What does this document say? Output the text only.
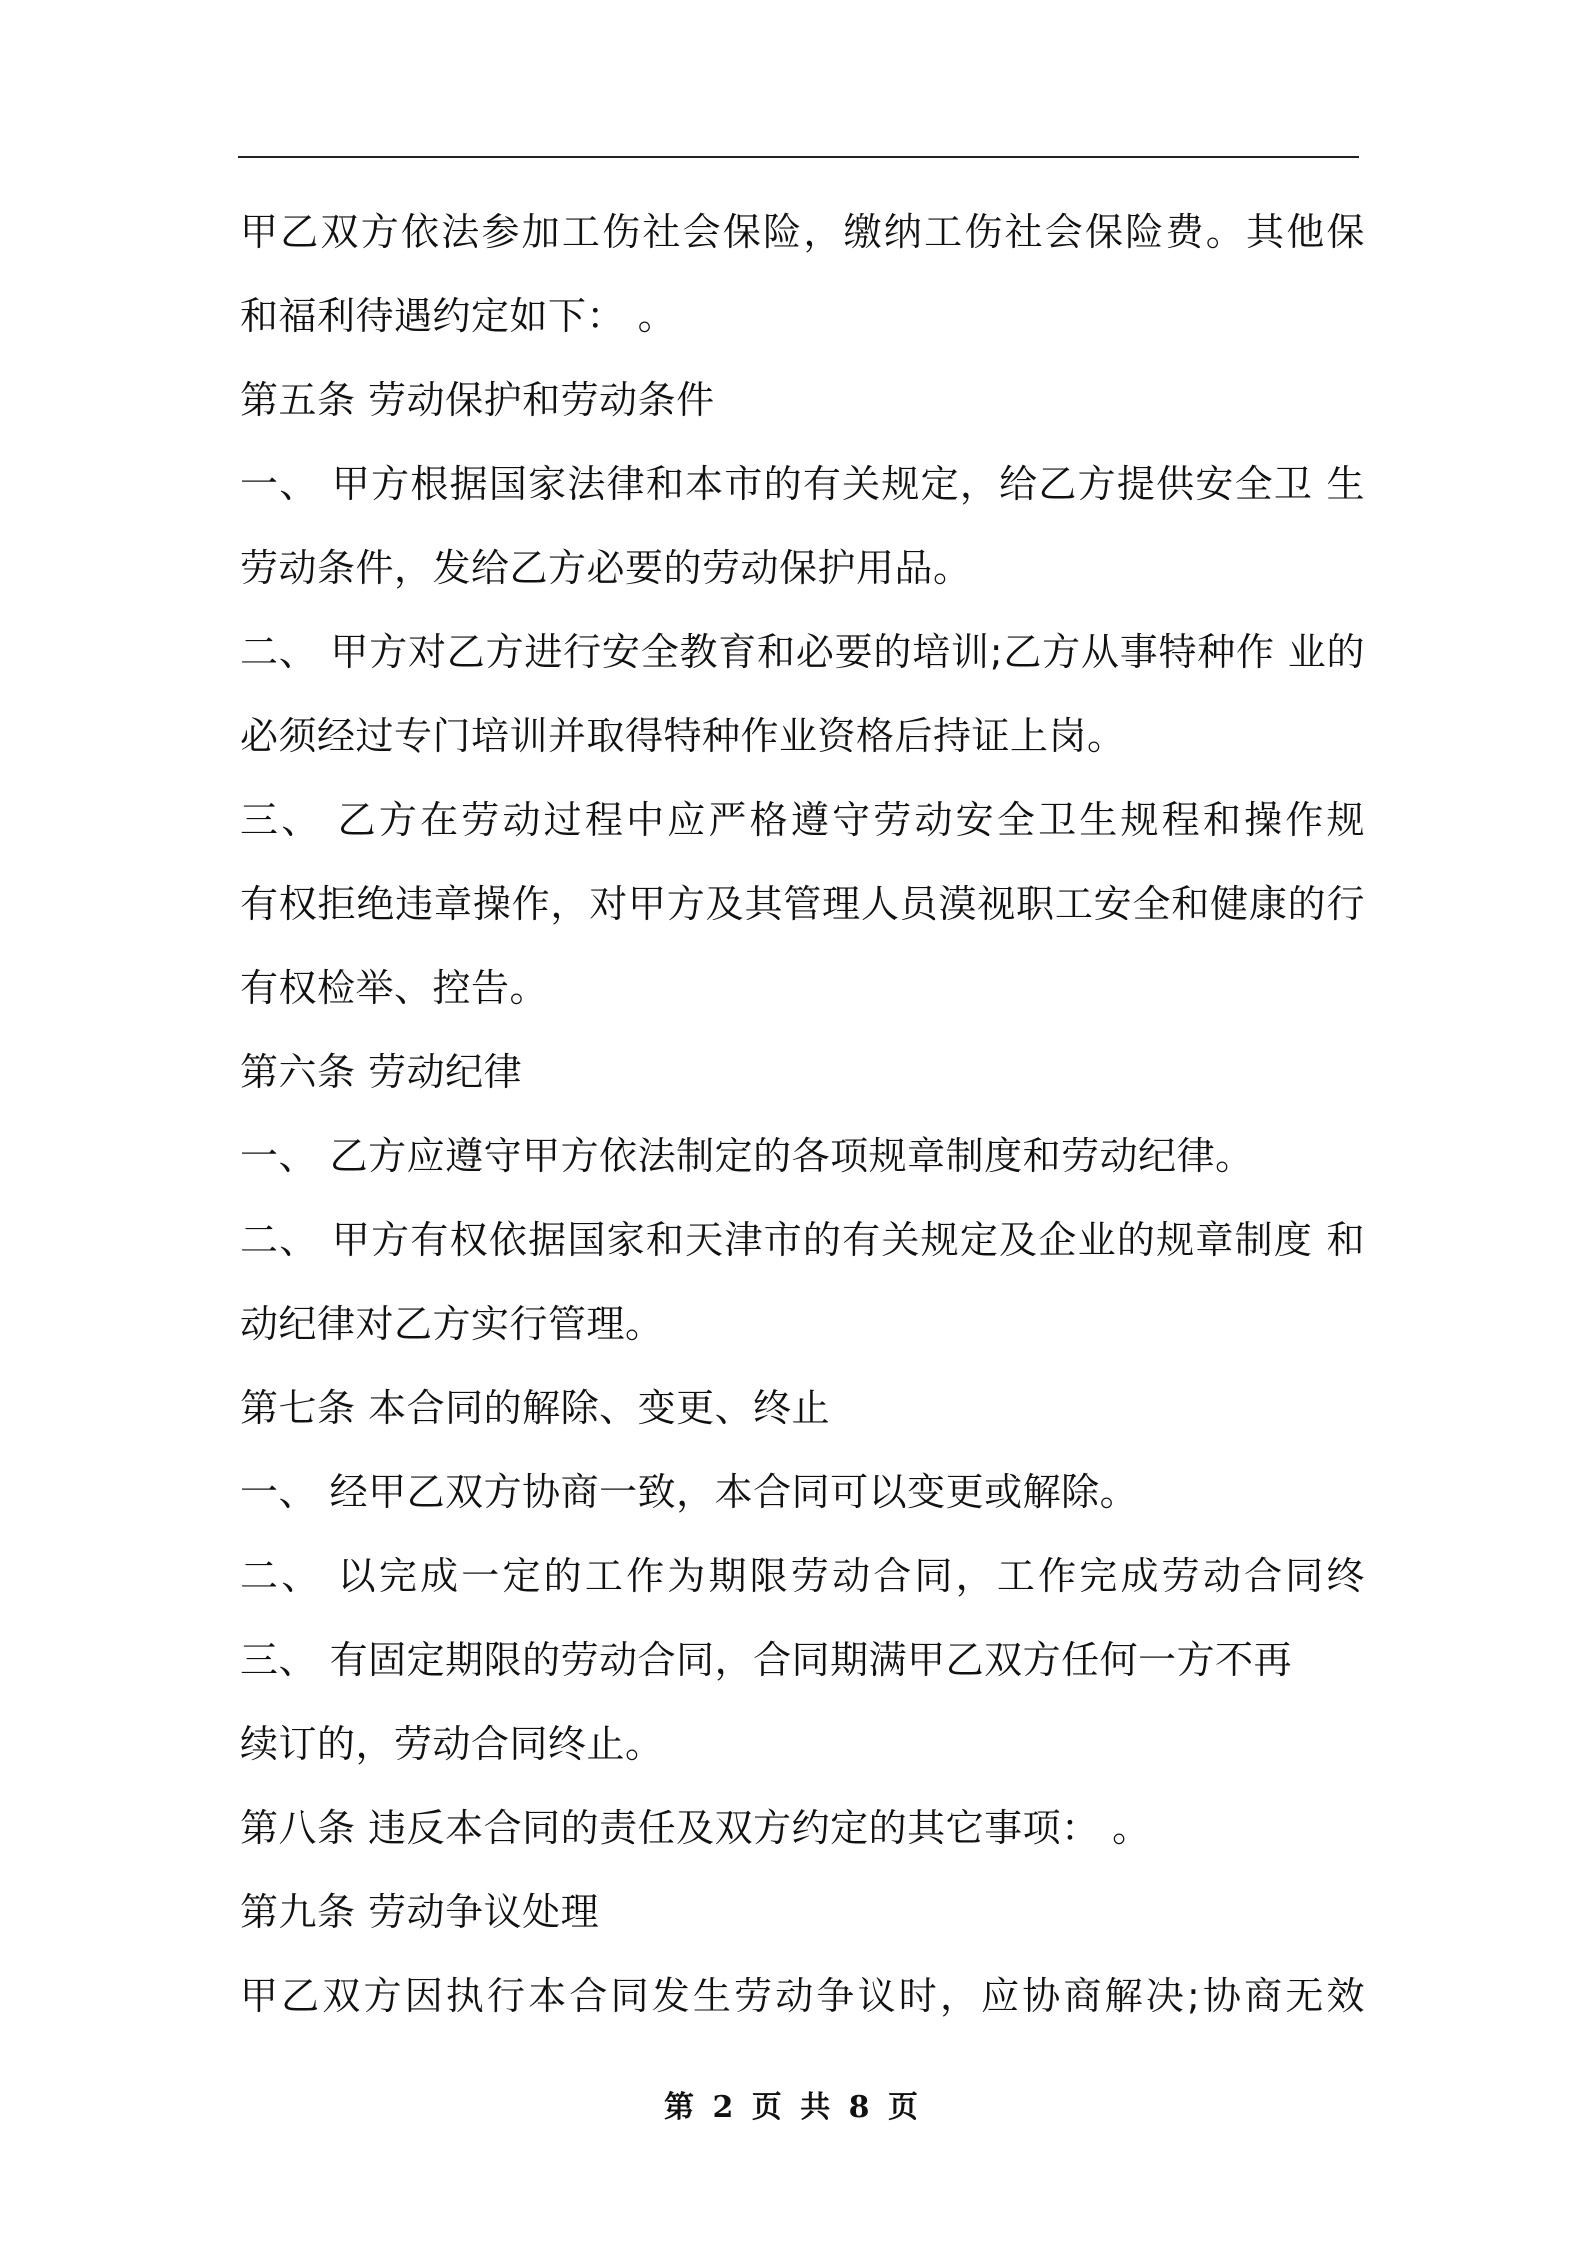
甲乙双方依法参加工伤社会保险，缴纳工伤社会保险费。其他保
和福利待遇约定如下： 。
第五条 劳动保护和劳动条件
一、 甲方根据国家法律和本市的有关规定，给乙方提供安全卫 生
劳动条件，发给乙方必要的劳动保护用品。
二、 甲方对乙方进行安全教育和必要的培训;乙方从事特种作 业的
必须经过专门培训并取得特种作业资格后持证上岗。
三、 乙方在劳动过程中应严格遵守劳动安全卫生规程和操作规
有权拒绝违章操作，对甲方及其管理人员漠视职工安全和健康的行
有权检举、控告。
第六条 劳动纪律
一、 乙方应遵守甲方依法制定的各项规章制度和劳动纪律。
二、 甲方有权依据国家和天津市的有关规定及企业的规章制度 和
动纪律对乙方实行管理。
第七条 本合同的解除、变更、终止
一、 经甲乙双方协商一致，本合同可以变更或解除。
二、 以完成一定的工作为期限劳动合同，工作完成劳动合同终
三、 有固定期限的劳动合同，合同期满甲乙双方任何一方不再
续订的，劳动合同终止。
第八条 违反本合同的责任及双方约定的其它事项： 。
第九条 劳动争议处理
甲乙双方因执行本合同发生劳动争议时，应协商解决;协商无效
第 2 页 共 8 页
